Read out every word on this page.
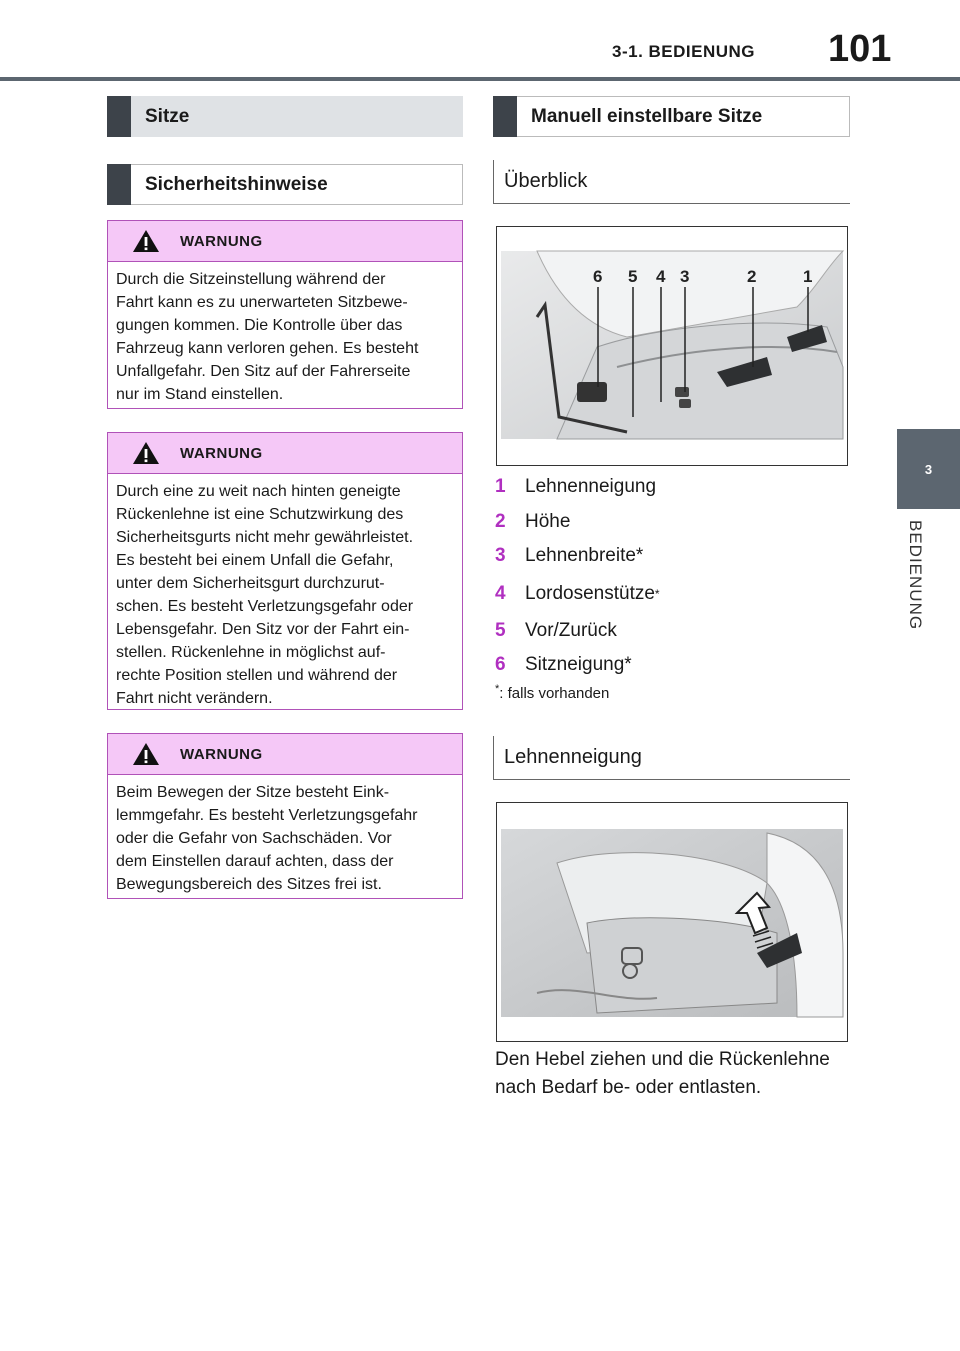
3-1. BEDIENUNG 101
3
BEDIENUNG
Sitze
Sicherheitshinweise
WARNUNG
Durch die Sitzeinstellung während der
Fahrt kann es zu unerwarteten Sitzbewe-
gungen kommen. Die Kontrolle über das
Fahrzeug kann verloren gehen. Es besteht
Unfallgefahr. Den Sitz auf der Fahrerseite
nur im Stand einstellen.
WARNUNG
Durch eine zu weit nach hinten geneigte
Rückenlehne ist eine Schutzwirkung des
Sicherheitsgurts nicht mehr gewährleistet.
Es besteht bei einem Unfall die Gefahr,
unter dem Sicherheitsgurt durchzurut-
schen. Es besteht Verletzungsgefahr oder
Lebensgefahr. Den Sitz vor der Fahrt ein-
stellen. Rückenlehne in möglichst auf-
rechte Position stellen und während der
Fahrt nicht verändern.
WARNUNG
Beim Bewegen der Sitze besteht Eink-
lemmgefahr. Es besteht Verletzungsgefahr
oder die Gefahr von Sachschäden. Vor
dem Einstellen darauf achten, dass der
Bewegungsbereich des Sitzes frei ist.
Manuell einstellbare Sitze
Überblick
6 5 4 3	2	1
1	Lehnenneigung
2	Höhe
3	Lehnenbreite*
4	Lordosenstütze *
5	Vor/Zurück
6	Sitzneigung*
*: falls vorhanden
Lehnenneigung
Den Hebel ziehen und die Rückenlehne
nach Bedarf be- oder entlasten.
